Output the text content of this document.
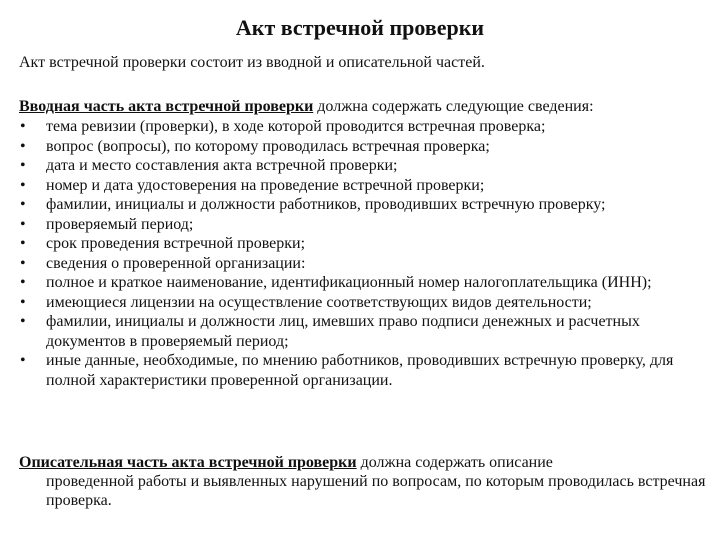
Акт встречной проверки
Акт встречной проверки состоит из вводной и описательной частей.
Вводная часть акта встречной проверки должна содержать следующие сведения:
• тема ревизии (проверки), в ходе которой проводится встречная проверка;
• вопрос (вопросы), по которому проводилась встречная проверка;
• дата и место составления акта встречной проверки;
• номер и дата удостоверения на проведение встречной проверки;
• фамилии, инициалы и должности работников, проводивших встречную проверку;
• проверяемый период;
• срок проведения встречной проверки;
• сведения о проверенной организации:
• полное и краткое наименование, идентификационный номер налогоплательщика (ИНН);
• имеющиеся лицензии на осуществление соответствующих видов деятельности;
• фамилии, инициалы и должности лиц, имевших право подписи денежных и расчетных документов в проверяемый период;
• иные данные, необходимые, по мнению работников, проводивших встречную проверку, для полной характеристики проверенной организации.
Описательная часть акта встречной проверки должна содержать описание
проведенной работы и выявленных нарушений по вопросам, по которым проводилась встречная проверка.
